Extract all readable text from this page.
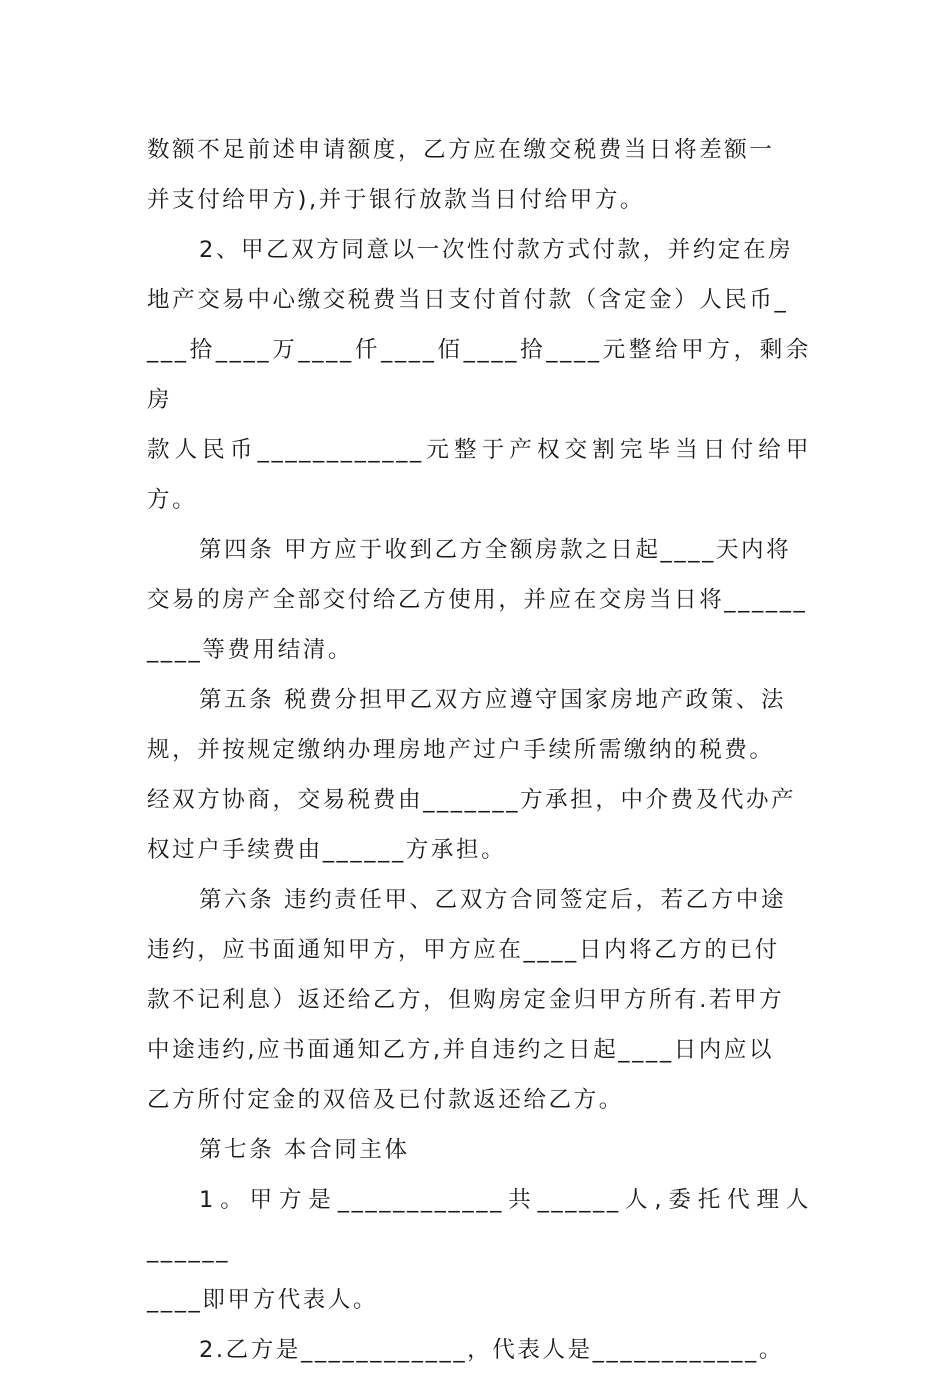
数额不足前述申请额度，乙方应在缴交税费当日将差额一
并支付给甲方),并于银行放款当日付给甲方。
2、甲乙双方同意以一次性付款方式付款，并约定在房
地产交易中心缴交税费当日支付首付款（含定金）人民币_
___拾____万____仟____佰____拾____元整给甲方，剩余房
款人民币____________元整于产权交割完毕当日付给甲方。
第四条 甲方应于收到乙方全额房款之日起____天内将
交易的房产全部交付给乙方使用，并应在交房当日将______
____等费用结清。
第五条 税费分担甲乙双方应遵守国家房地产政策、法
规，并按规定缴纳办理房地产过户手续所需缴纳的税费。
经双方协商，交易税费由_______方承担，中介费及代办产
权过户手续费由______方承担。
第六条 违约责任甲、乙双方合同签定后，若乙方中途
违约，应书面通知甲方，甲方应在____日内将乙方的已付
款不记利息）返还给乙方，但购房定金归甲方所有.若甲方
中途违约,应书面通知乙方,并自违约之日起____日内应以
乙方所付定金的双倍及已付款返还给乙方。
第七条 本合同主体
1。甲方是____________共______人,委托代理人______
____即甲方代表人。
2.乙方是____________，代表人是____________。
